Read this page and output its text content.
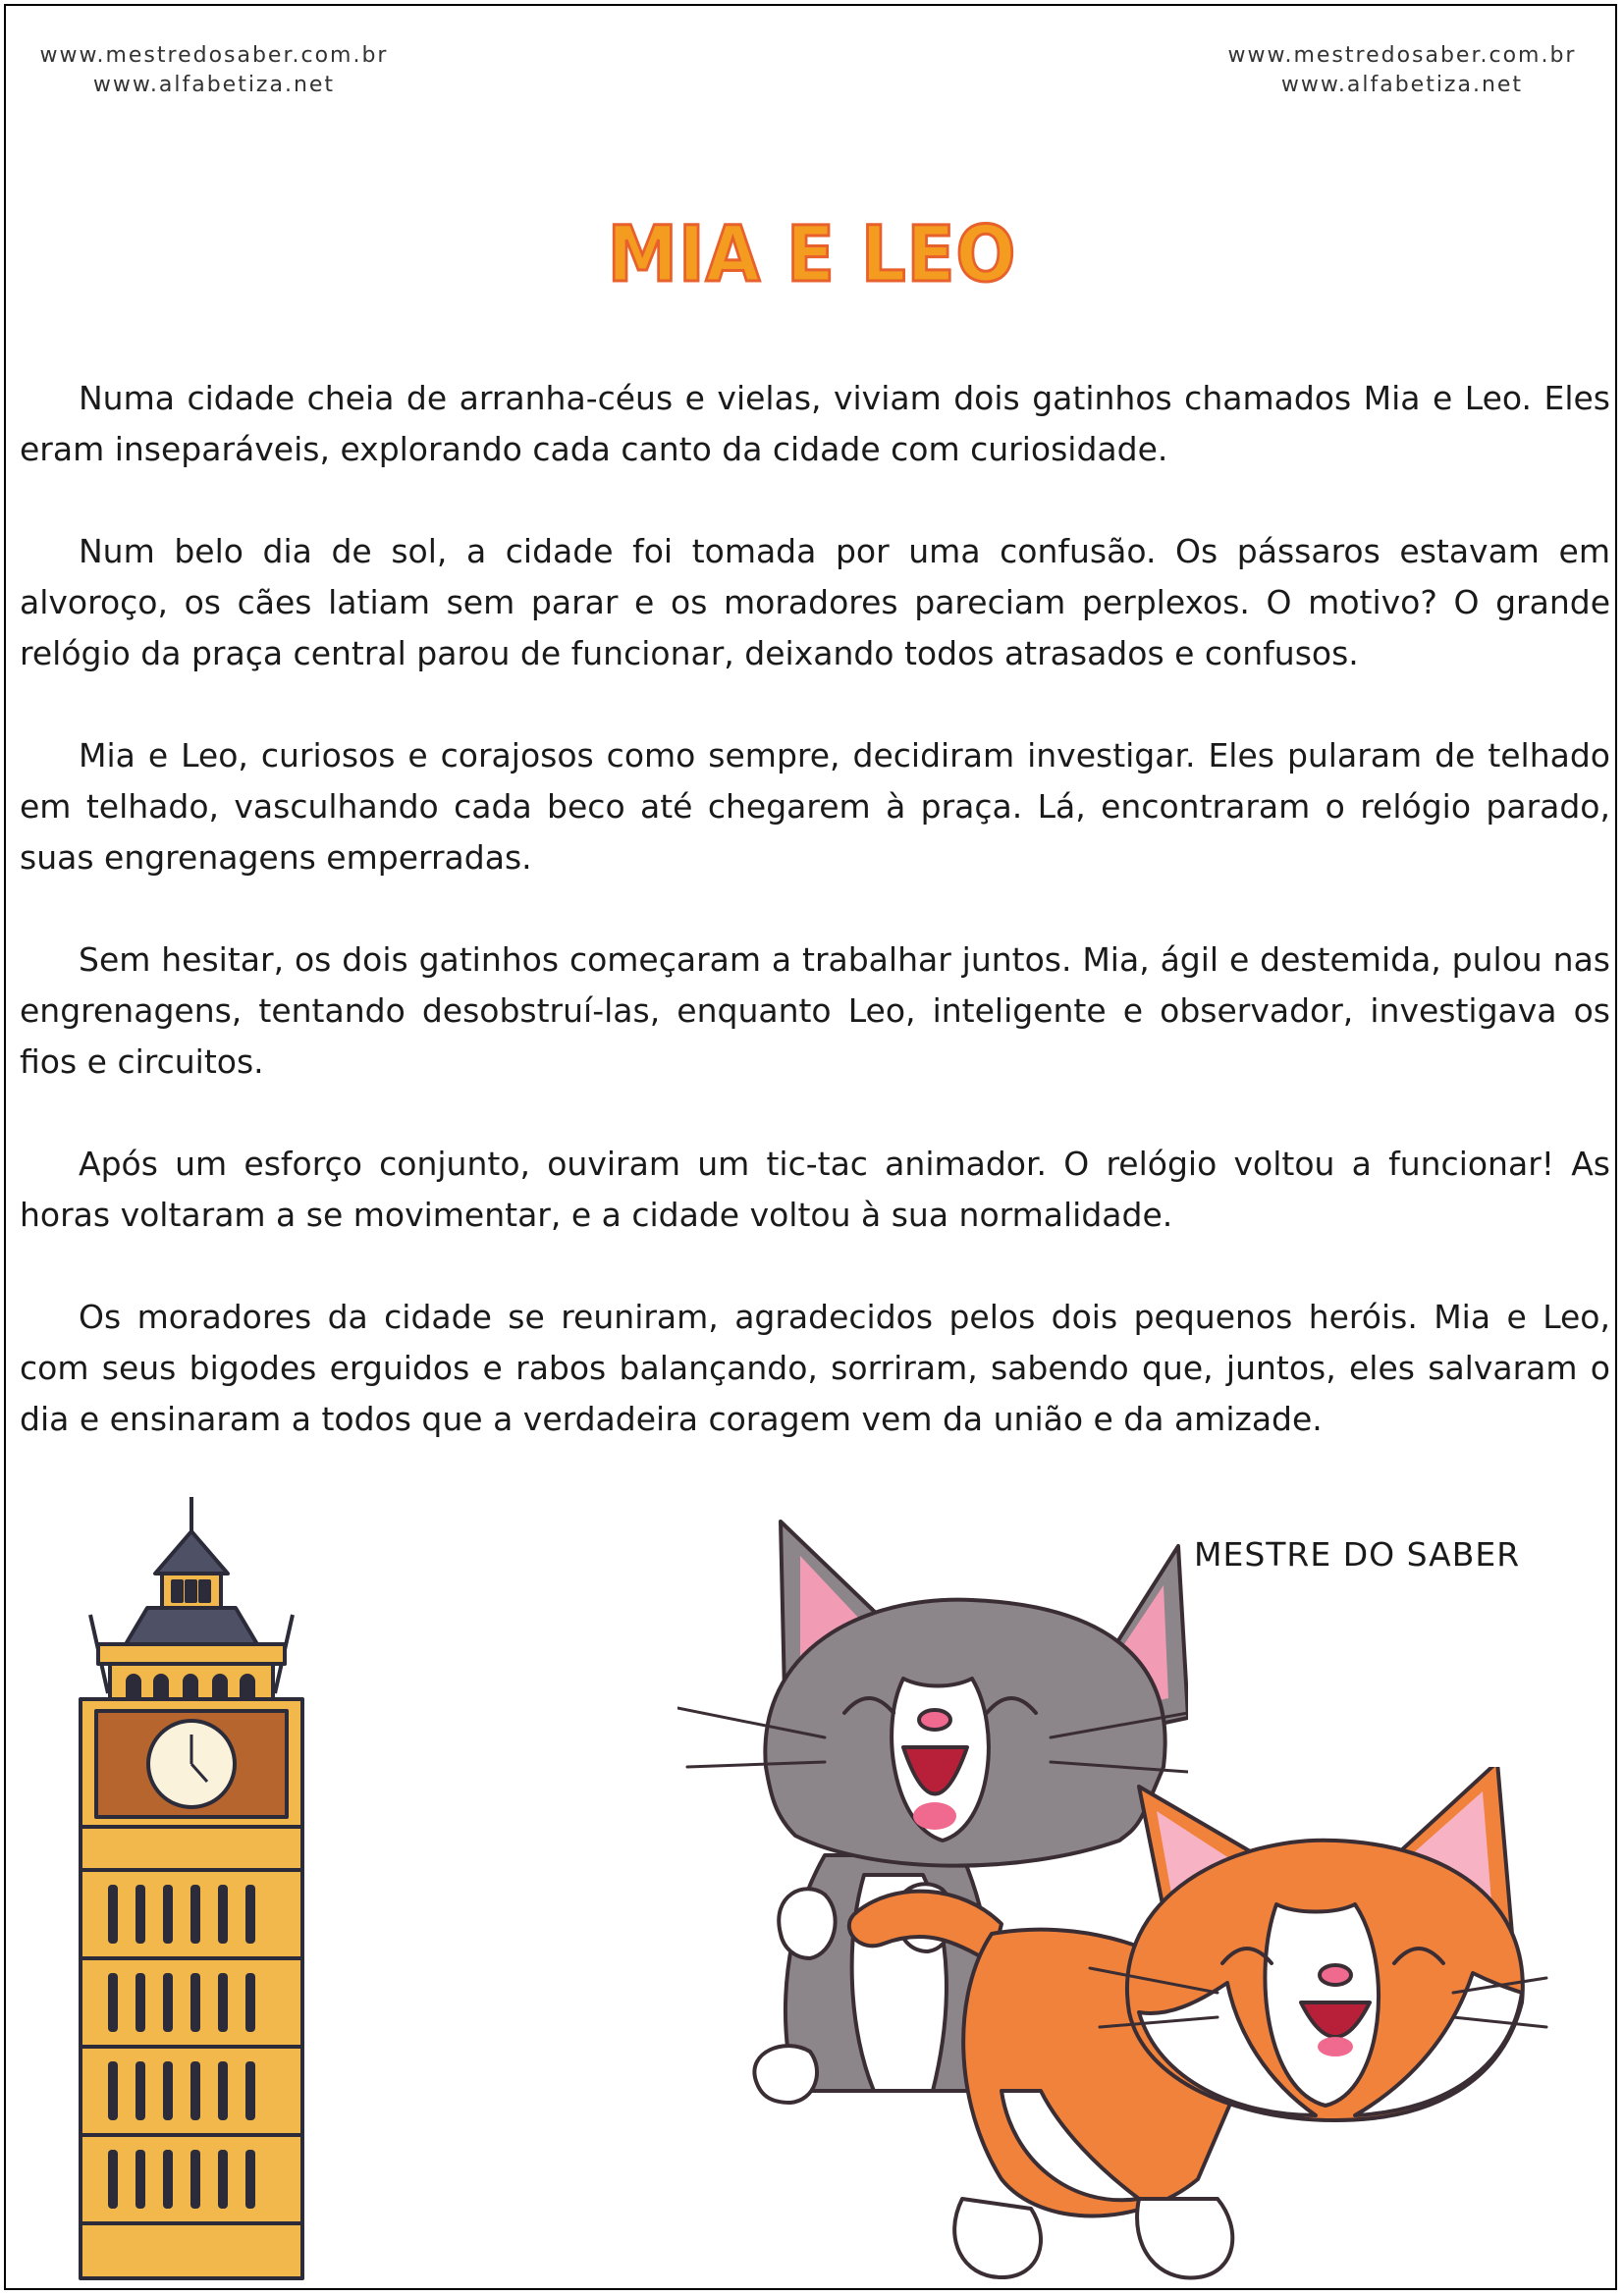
www.mestredosaber.com.br
www.alfabetiza.net
www.mestredosaber.com.br
www.alfabetiza.net
MIA E LEO

Numa cidade cheia de arranha-céus e vielas, viviam dois gatinhos chamados Mia e Leo. Eles eram inseparáveis, explorando cada canto da cidade com curiosidade.

Num belo dia de sol, a cidade foi tomada por uma confusão. Os pássaros estavam em alvoroço, os cães latiam sem parar e os moradores pareciam perplexos. O motivo? O grande relógio da praça central parou de funcionar, deixando todos atrasados e confusos.

Mia e Leo, curiosos e corajosos como sempre, decidiram investigar. Eles pularam de telhado em telhado, vasculhando cada beco até chegarem à praça. Lá, encontraram o relógio parado, suas engrenagens emperradas.

Sem hesitar, os dois gatinhos começaram a trabalhar juntos. Mia, ágil e destemida, pulou nas engrenagens, tentando desobstruí-las, enquanto Leo, inteligente e observador, investigava os fios e circuitos.

Após um esforço conjunto, ouviram um tic-tac animador. O relógio voltou a funcionar! As horas voltaram a se movimentar, e a cidade voltou à sua normalidade.

Os moradores da cidade se reuniram, agradecidos pelos dois pequenos heróis. Mia e Leo, com seus bigodes erguidos e rabos balançando, sorriram, sabendo que, juntos, eles salvaram o dia e ensinaram a todos que a verdadeira coragem vem da união e da amizade.

MESTRE DO SABER
